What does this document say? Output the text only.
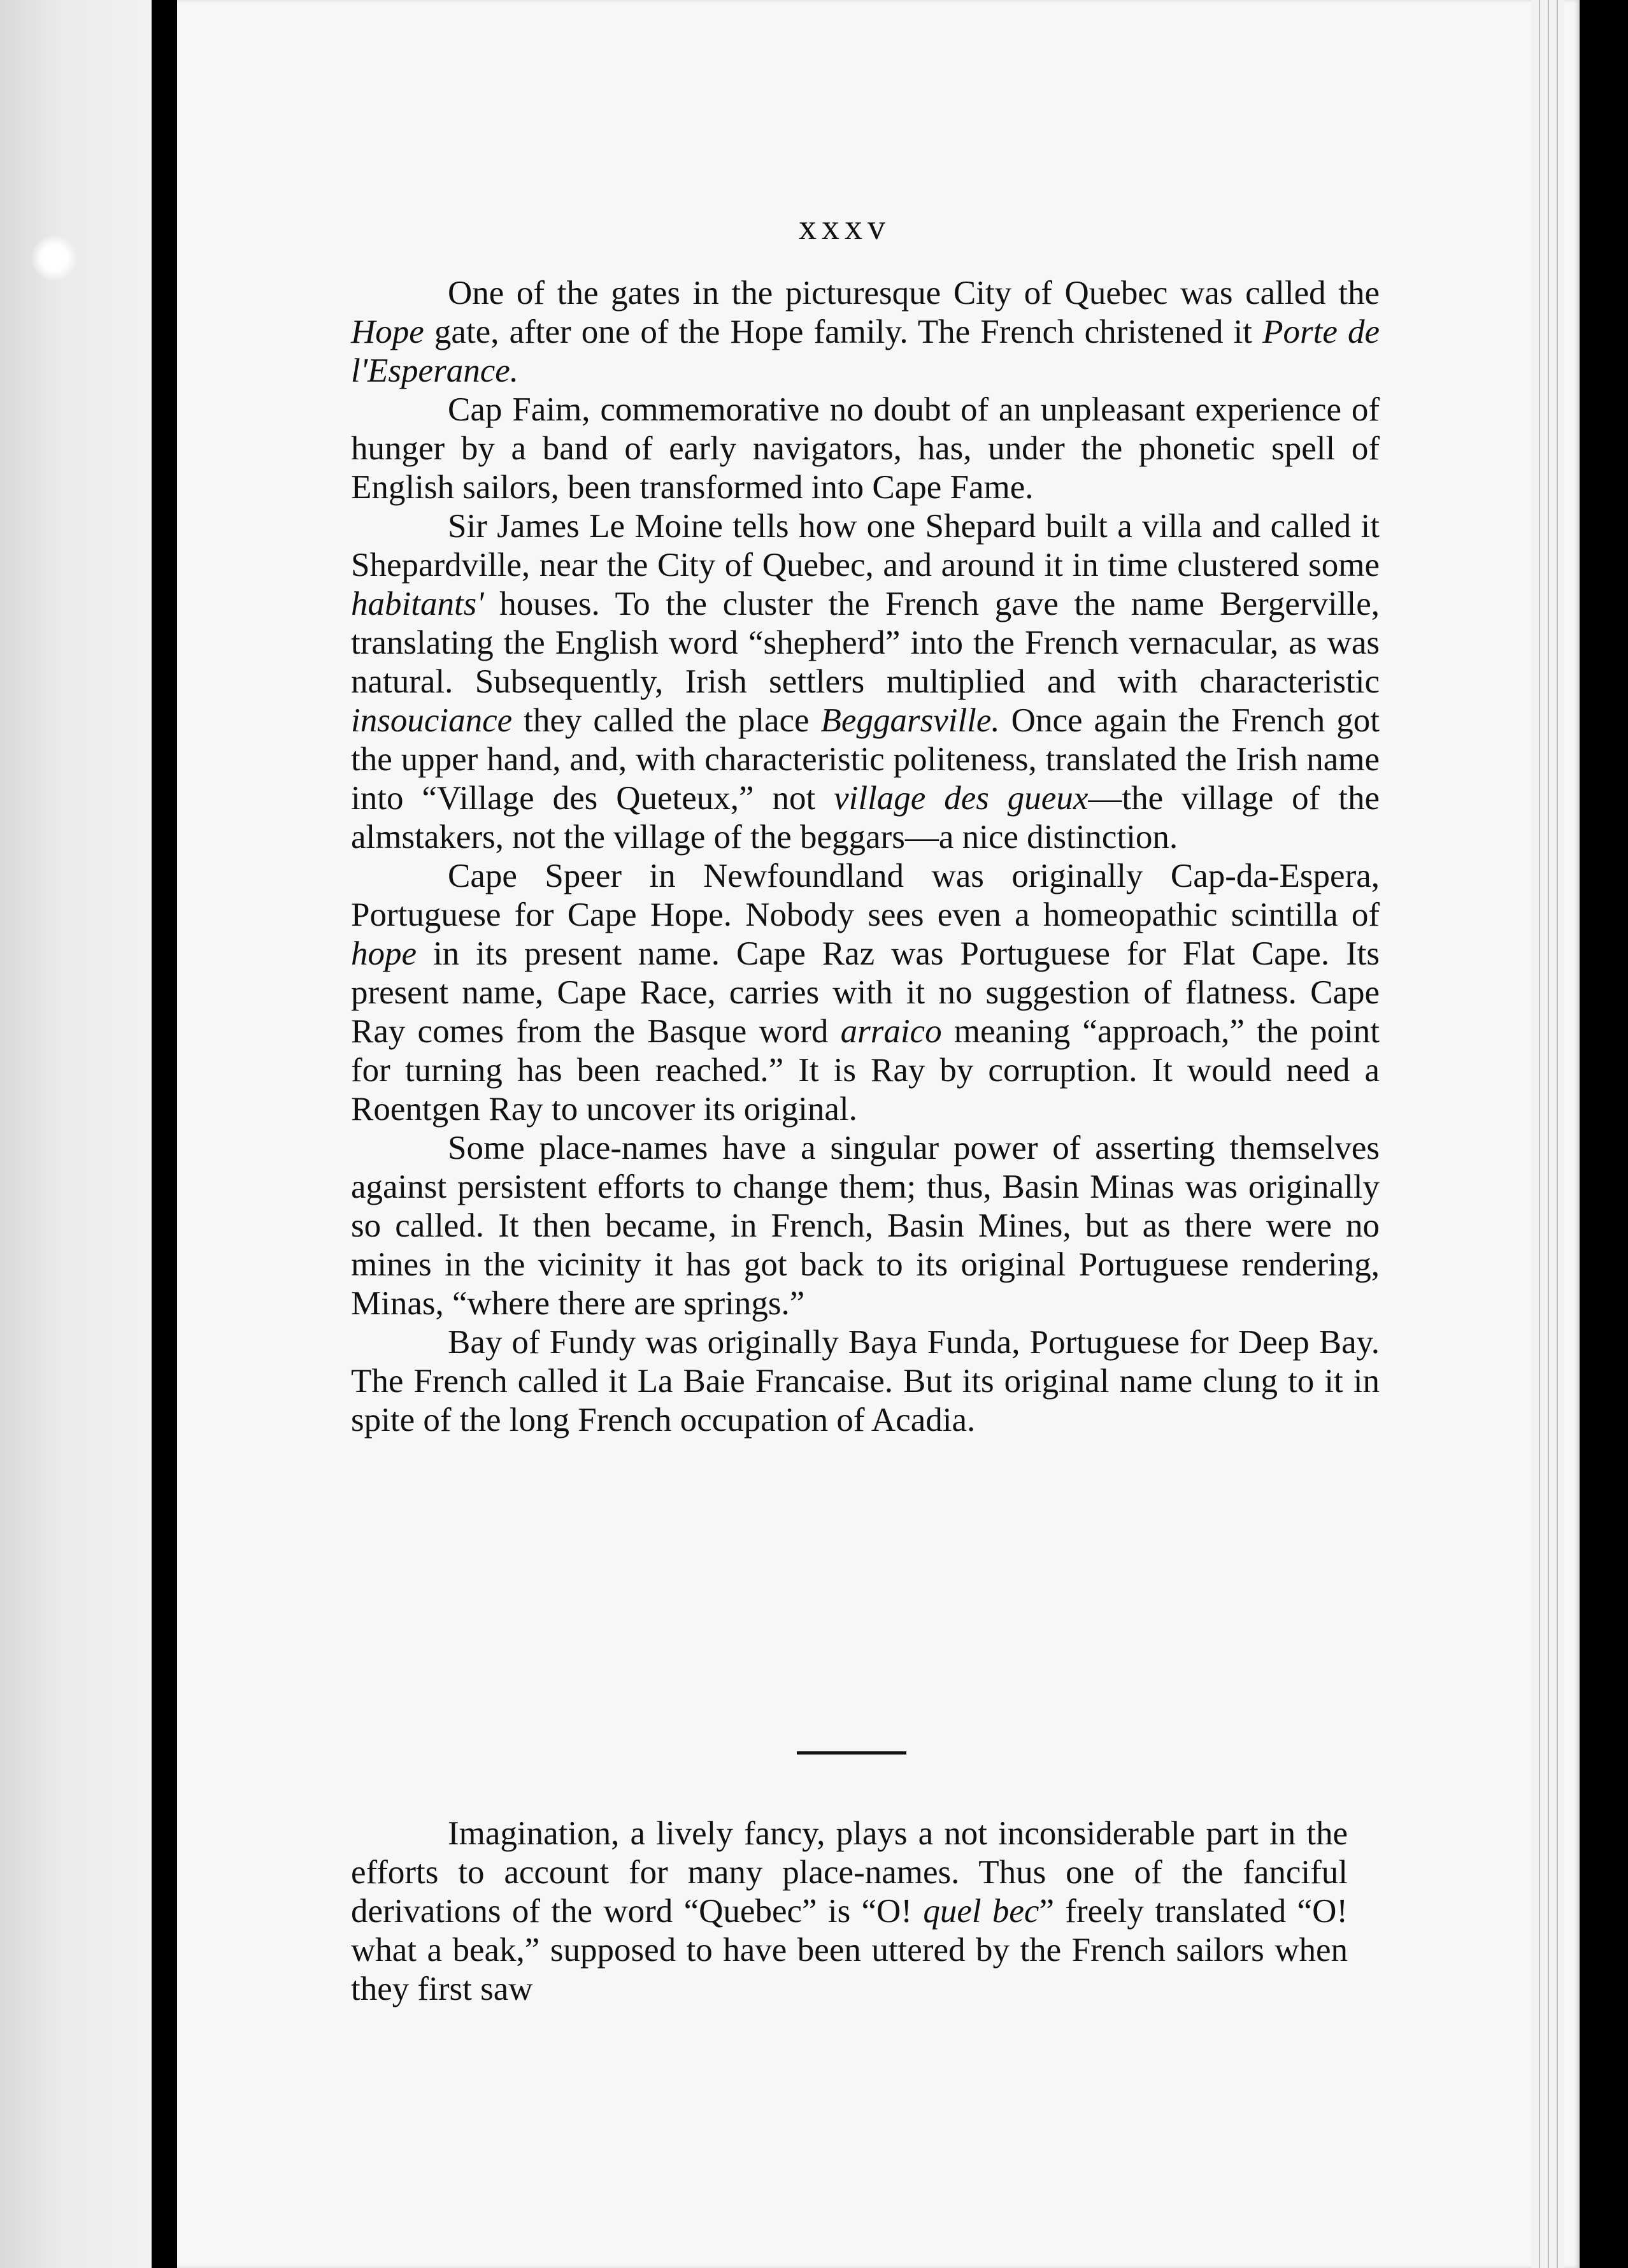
xxxv

One of the gates in the picturesque City of Quebec was called the Hope gate, after one of the Hope family. The French christened it Porte de l'Esperance.

Cap Faim, commemorative no doubt of an unpleasant experience of hunger by a band of early navigators, has, under the phonetic spell of English sailors, been transformed into Cape Fame.

Sir James Le Moine tells how one Shepard built a villa and called it Shepardville, near the City of Quebec, and around it in time clustered some habitants' houses. To the cluster the French gave the name Bergerville, translating the English word “shepherd” into the French vernacular, as was natural. Subsequently, Irish settlers multiplied and with characteristic insouciance they called the place Beggarsville. Once again the French got the upper hand, and, with characteristic politeness, translated the Irish name into “Village des Queteux,” not village des gueux—the village of the almstakers, not the village of the beggars—a nice distinction.

Cape Speer in Newfoundland was originally Cap-da-Espera, Portuguese for Cape Hope. Nobody sees even a homeopathic scintilla of hope in its present name. Cape Raz was Portuguese for Flat Cape. Its present name, Cape Race, carries with it no suggestion of flatness. Cape Ray comes from the Basque word arraico meaning “approach,” the point for turning has been reached.” It is Ray by corruption. It would need a Roentgen Ray to uncover its original.

Some place-names have a singular power of asserting themselves against persistent efforts to change them; thus, Basin Minas was originally so called. It then became, in French, Basin Mines, but as there were no mines in the vicinity it has got back to its original Portuguese rendering, Minas, “where there are springs.”

Bay of Fundy was originally Baya Funda, Portuguese for Deep Bay. The French called it La Baie Francaise. But its original name clung to it in spite of the long French occupation of Acadia.

Imagination, a lively fancy, plays a not inconsiderable part in the efforts to account for many place-names. Thus one of the fanciful derivations of the word “Quebec” is “O! quel bec” freely translated “O! what a beak,” supposed to have been uttered by the French sailors when they first saw
